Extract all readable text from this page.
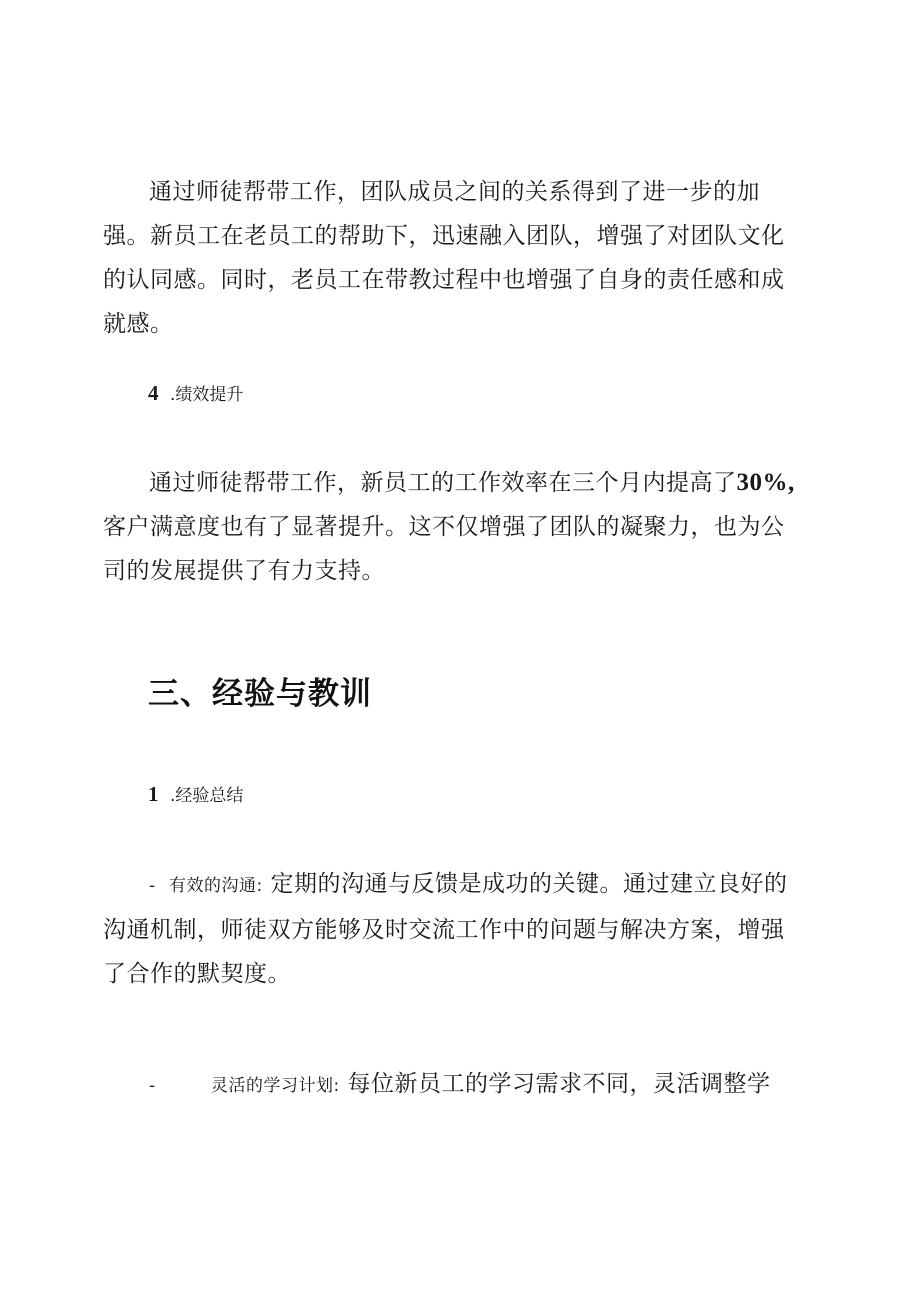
通过师徒帮带工作，团队成员之间的关系得到了进一步的加强。新员工在老员工的帮助下，迅速融入团队，增强了对团队文化的认同感。同时，老员工在带教过程中也增强了自身的责任感和成就感。

4 .绩效提升

通过师徒帮带工作，新员工的工作效率在三个月内提高了30%,客户满意度也有了显著提升。这不仅增强了团队的凝聚力，也为公司的发展提供了有力支持。

三、经验与教训

1 .经验总结

- 有效的沟通: 定期的沟通与反馈是成功的关键。通过建立良好的沟通机制，师徒双方能够及时交流工作中的问题与解决方案，增强了合作的默契度。

-	灵活的学习计划: 每位新员工的学习需求不同，灵活调整学
